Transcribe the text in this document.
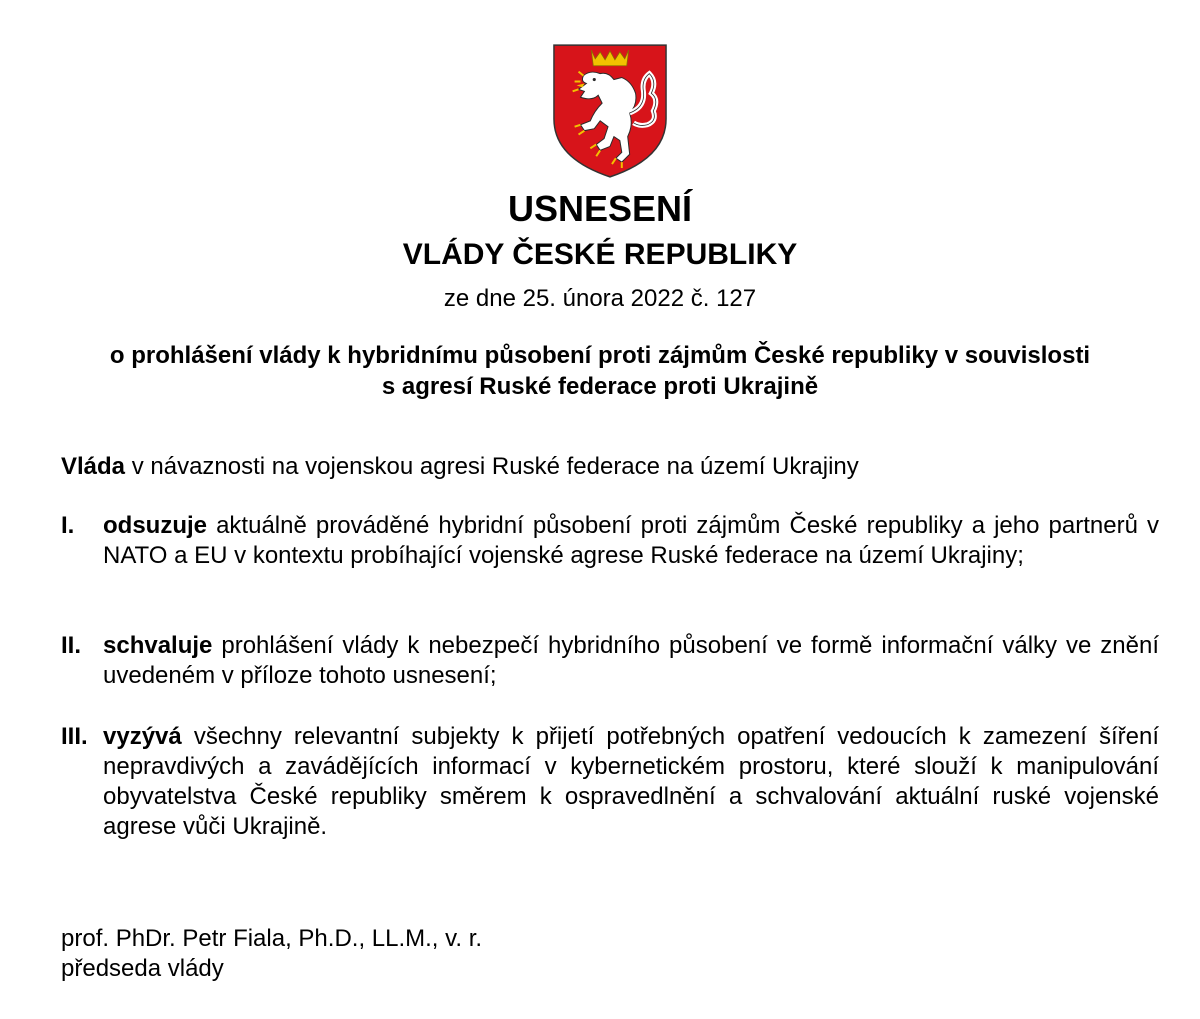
USNESENÍ
VLÁDY ČESKÉ REPUBLIKY
ze dne 25. února 2022 č. 127
o prohlášení vlády k hybridnímu působení proti zájmům České republiky v souvislosti
s agresí Ruské federace proti Ukrajině
Vláda v návaznosti na vojenskou agresi Ruské federace na území Ukrajiny
I. odsuzuje aktuálně prováděné hybridní působení proti zájmům České republiky a jeho partnerů v NATO a EU v kontextu probíhající vojenské agrese Ruské federace na území Ukrajiny;
II. schvaluje prohlášení vlády k nebezpečí hybridního působení ve formě informační války ve znění uvedeném v příloze tohoto usnesení;
III. vyzývá všechny relevantní subjekty k přijetí potřebných opatření vedoucích k zamezení šíření nepravdivých a zavádějících informací v kybernetickém prostoru, které slouží k manipulování obyvatelstva České republiky směrem k ospravedlnění a schvalování aktuální ruské vojenské agrese vůči Ukrajině.
prof. PhDr. Petr Fiala, Ph.D., LL.M., v. r.
předseda vlády
